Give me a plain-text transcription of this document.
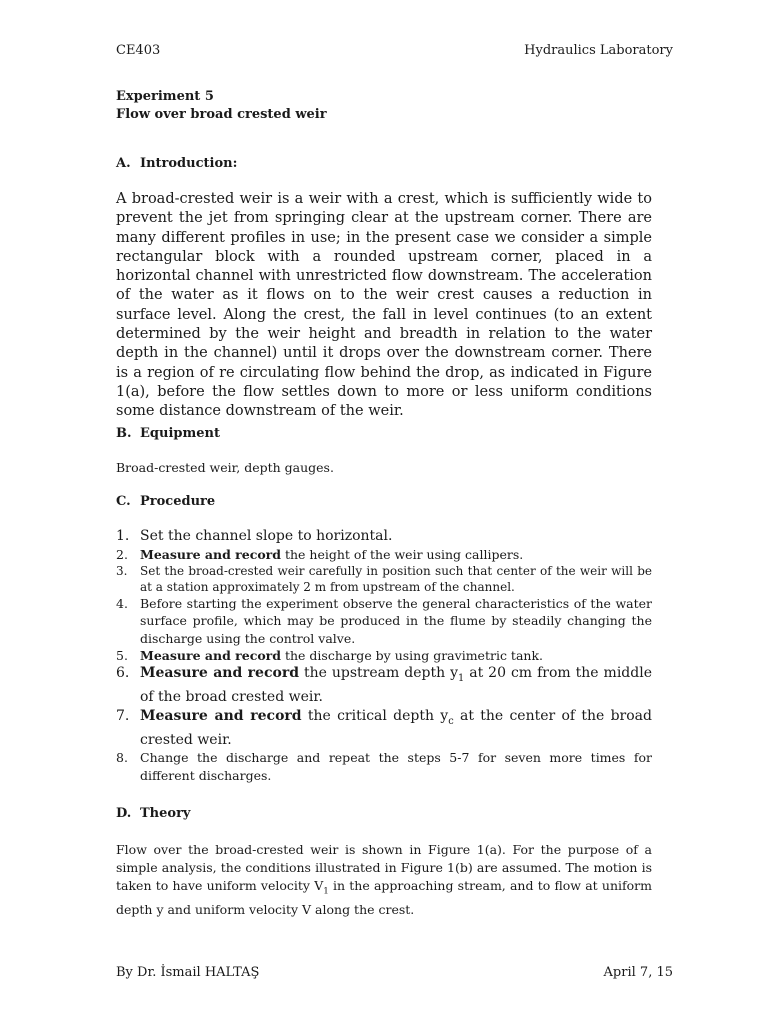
CE403	Hydraulics Laboratory
Experiment 5
Flow over broad crested weir
A. Introduction:
A broad-crested weir is a weir with a crest, which is sufficiently wide to prevent the jet from springing clear at the upstream corner. There are many different profiles in use; in the present case we consider a simple rectangular block with a rounded upstream corner, placed in a horizontal channel with unrestricted flow downstream. The acceleration of the water as it flows on to the weir crest causes a reduction in surface level. Along the crest, the fall in level continues (to an extent determined by the weir height and breadth in relation to the water depth in the channel) until it drops over the downstream corner. There is a region of re circulating flow behind the drop, as indicated in Figure 1(a), before the flow settles down to more or less uniform conditions some distance downstream of the weir.
B. Equipment
Broad-crested weir, depth gauges.
C. Procedure
1. Set the channel slope to horizontal.
2. Measure and record the height of the weir using callipers.
3. Set the broad-crested weir carefully in position such that center of the weir will be at a station approximately 2 m from upstream of the channel.
4. Before starting the experiment observe the general characteristics of the water surface profile, which may be produced in the flume by steadily changing the discharge using the control valve.
5. Measure and record the discharge by using gravimetric tank.
6. Measure and record the upstream depth $y_1$ at 20 cm from the middle of the broad crested weir.
7. Measure and record the critical depth $y_c$ at the center of the broad crested weir.
8. Change the discharge and repeat the steps 5-7 for seven more times for different discharges.
D. Theory
Flow over the broad-crested weir is shown in Figure 1(a). For the purpose of a simple analysis, the conditions illustrated in Figure 1(b) are assumed. The motion is taken to have uniform velocity $V_1$ in the approaching stream, and to flow at uniform depth y and uniform velocity V along the crest.
By Dr. İsmail HALTAŞ	April 7, 15
